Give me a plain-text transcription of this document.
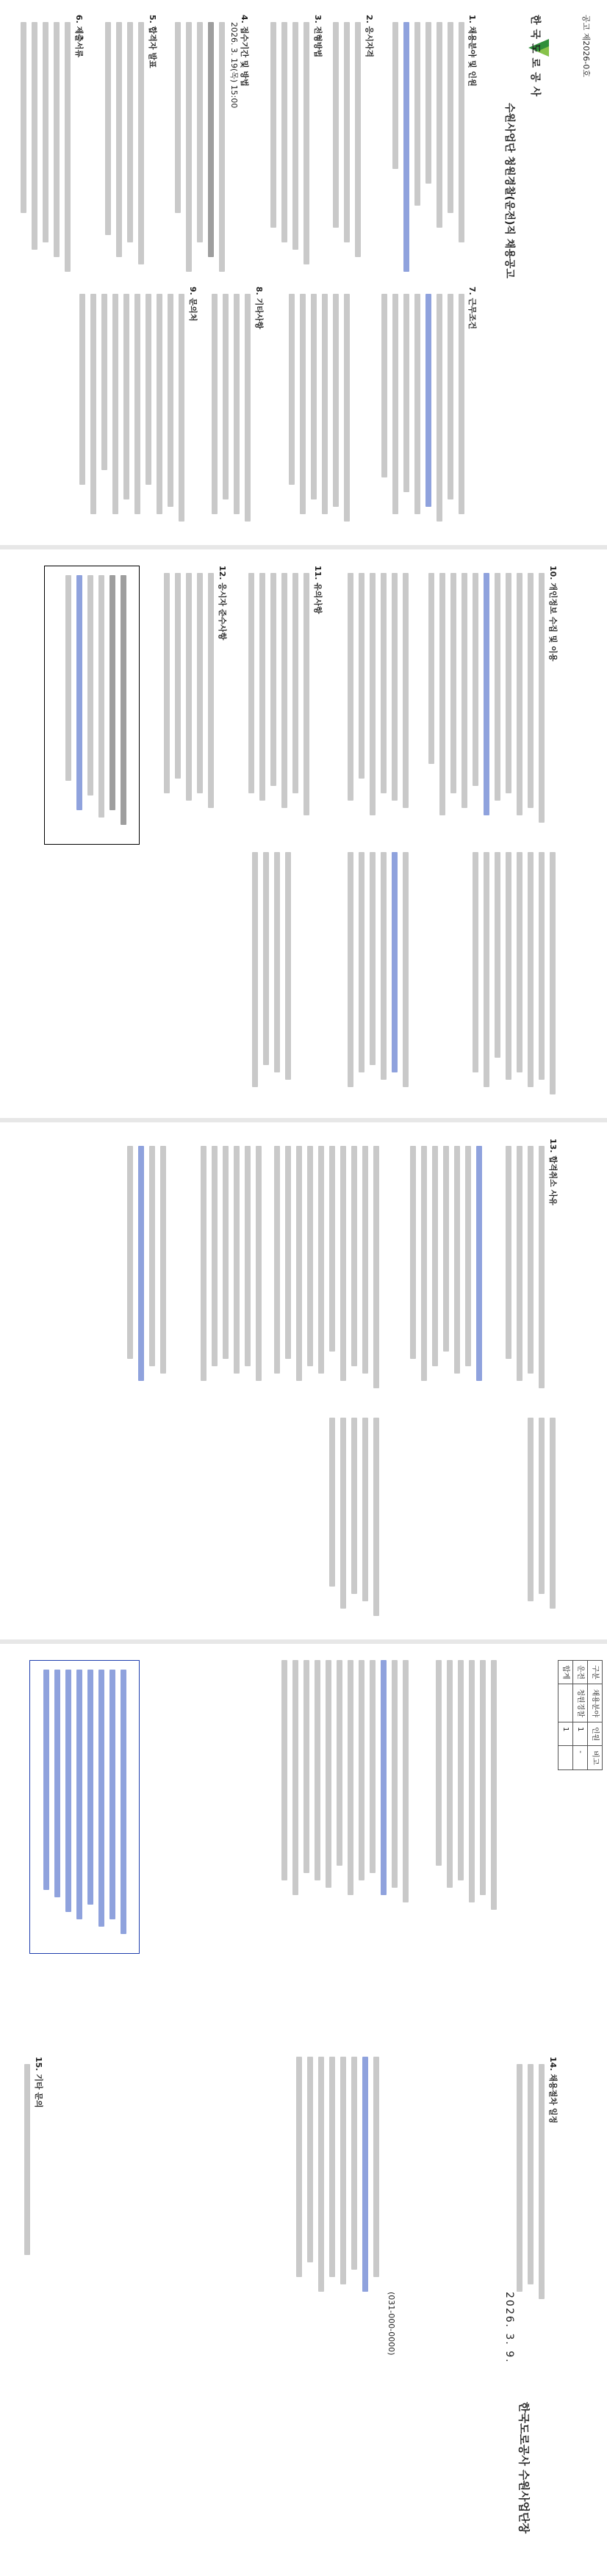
공고 제2026-0호
한국도로공사
수원사업단 청원경찰(운전)직 채용공고
1. 채용분야 및 인원
2. 응시자격
3. 전형방법
4. 접수기간 및 방법
2026. 3. 19(목) 15:00
5. 합격자 발표
6. 제출서류
7. 근무조건
8. 기타사항
9. 문의처
10. 개인정보 수집 및 이용
11. 유의사항
12. 응시자 준수사항
13. 합격취소 사유
구분	채용분야	인원	비고
운전	청원경찰	1	-
합계		1	
14. 채용절차 일정
2026. 3. 9.
한국도로공사 수원사업단장
(031-000-0000)
15. 기타 문의
